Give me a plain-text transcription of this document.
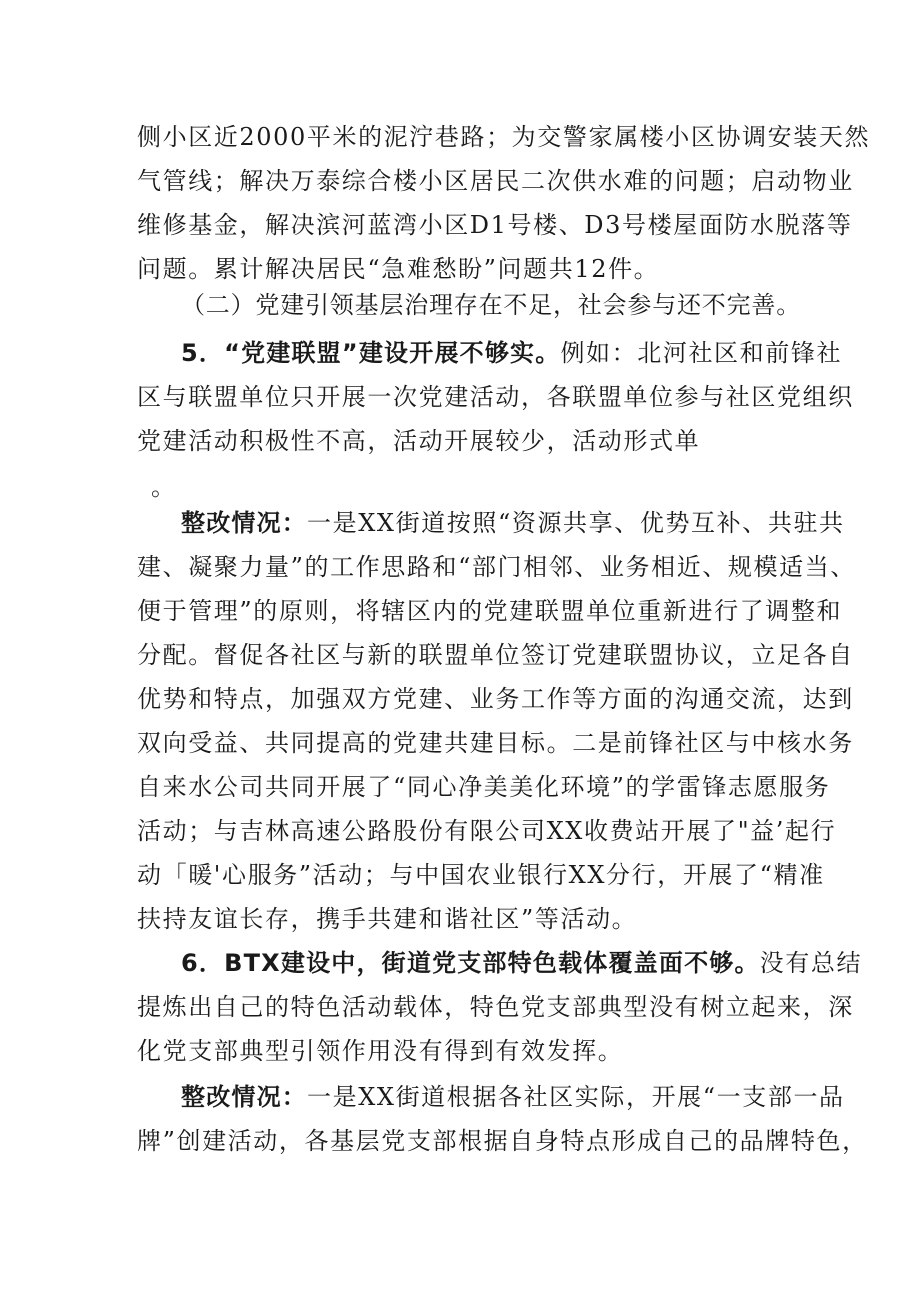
侧小区近2000平米的泥泞巷路；为交警家属楼小区协调安装天然
气管线；解决万泰综合楼小区居民二次供水难的问题；启动物业
维修基金，解决滨河蓝湾小区D1号楼、D3号楼屋面防水脱落等
问题。累计解决居民“急难愁盼”问题共12件。
（二）党建引领基层治理存在不足，社会参与还不完善。
5．“党建联盟”建设开展不够实。例如：北河社区和前锋社
区与联盟单位只开展一次党建活动，各联盟单位参与社区党组织
党建活动积极性不高，活动开展较少，活动形式单
。
整改情况：一是XX街道按照“资源共享、优势互补、共驻共
建、凝聚力量”的工作思路和“部门相邻、业务相近、规模适当、
便于管理”的原则，将辖区内的党建联盟单位重新进行了调整和
分配。督促各社区与新的联盟单位签订党建联盟协议，立足各自
优势和特点，加强双方党建、业务工作等方面的沟通交流，达到
双向受益、共同提高的党建共建目标。二是前锋社区与中核水务
自来水公司共同开展了“同心净美美化环境”的学雷锋志愿服务
活动；与吉林高速公路股份有限公司XX收费站开展了"益’起行
动「暖'心服务”活动；与中国农业银行XX分行，开展了“精准
扶持友谊长存，携手共建和谐社区”等活动。
6．BTX建设中，街道党支部特色载体覆盖面不够。没有总结
提炼出自己的特色活动载体，特色党支部典型没有树立起来，深
化党支部典型引领作用没有得到有效发挥。
整改情况：一是XX街道根据各社区实际，开展“一支部一品
牌”创建活动，各基层党支部根据自身特点形成自己的品牌特色，
